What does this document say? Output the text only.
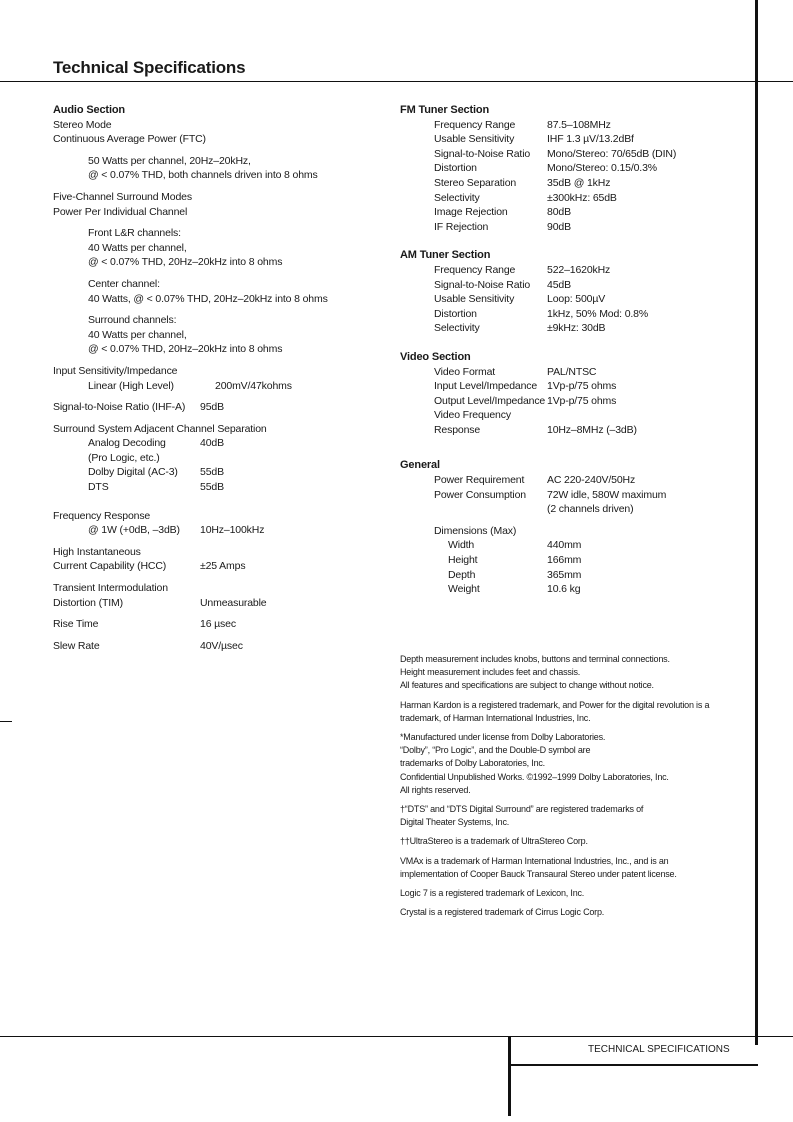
Technical Specifications
Audio Section
Stereo Mode
Continuous Average Power (FTC)
50 Watts per channel, 20Hz–20kHz,
@ < 0.07% THD, both channels driven into 8 ohms
Five-Channel Surround Modes
Power Per Individual Channel
Front L&R channels:
40 Watts per channel,
@ < 0.07% THD, 20Hz–20kHz into 8 ohms
Center channel:
40 Watts, @ < 0.07% THD, 20Hz–20kHz into 8 ohms
Surround channels:
40 Watts per channel,
@ < 0.07% THD, 20Hz–20kHz into 8 ohms
Input Sensitivity/Impedance
Linear (High Level)	200mV/47kohms
Signal-to-Noise Ratio (IHF-A)	95dB
Surround System Adjacent Channel Separation
Analog Decoding	40dB
(Pro Logic, etc.)
Dolby Digital (AC-3)	55dB
DTS	55dB
Frequency Response
@ 1W (+0dB, –3dB)	10Hz–100kHz
High Instantaneous
Current Capability (HCC)	±25 Amps
Transient Intermodulation
Distortion (TIM)	Unmeasurable
Rise Time	16 µsec
Slew Rate	40V/µsec
FM Tuner Section
Frequency Range	87.5–108MHz
Usable Sensitivity	IHF 1.3 µV/13.2dBf
Signal-to-Noise Ratio	Mono/Stereo: 70/65dB (DIN)
Distortion	Mono/Stereo: 0.15/0.3%
Stereo Separation	35dB @ 1kHz
Selectivity	±300kHz: 65dB
Image Rejection	80dB
IF Rejection	90dB
AM Tuner Section
Frequency Range	522–1620kHz
Signal-to-Noise Ratio	45dB
Usable Sensitivity	Loop: 500µV
Distortion	1kHz, 50% Mod: 0.8%
Selectivity	±9kHz: 30dB
Video Section
Video Format	PAL/NTSC
Input Level/Impedance 1Vp-p/75 ohms
Output Level/Impedance 1Vp-p/75 ohms
Video Frequency
Response	10Hz–8MHz (–3dB)
General
Power Requirement	AC 220-240V/50Hz
Power Consumption	72W idle, 580W maximum
(2 channels driven)
Dimensions (Max)
Width	440mm
Height	166mm
Depth	365mm
Weight	10.6 kg
Depth measurement includes knobs, buttons and terminal connections.
Height measurement includes feet and chassis.
All features and specifications are subject to change without notice.
Harman Kardon is a registered trademark, and Power for the digital revolution is a
trademark, of Harman International Industries, Inc.
*Manufactured under license from Dolby Laboratories.
“Dolby”, “Pro Logic”, and the Double-D symbol are
trademarks of Dolby Laboratories, Inc.
Confidential Unpublished Works. ©1992–1999 Dolby Laboratories, Inc.
All rights reserved.
†“DTS” and “DTS Digital Surround” are registered trademarks of
Digital Theater Systems, Inc.
††UltraStereo is a trademark of UltraStereo Corp.
VMAx is a trademark of Harman International Industries, Inc., and is an
implementation of Cooper Bauck Transaural Stereo under patent license.
Logic 7 is a registered trademark of Lexicon, Inc.
Crystal is a registered trademark of Cirrus Logic Corp.
TECHNICAL SPECIFICATIONS
